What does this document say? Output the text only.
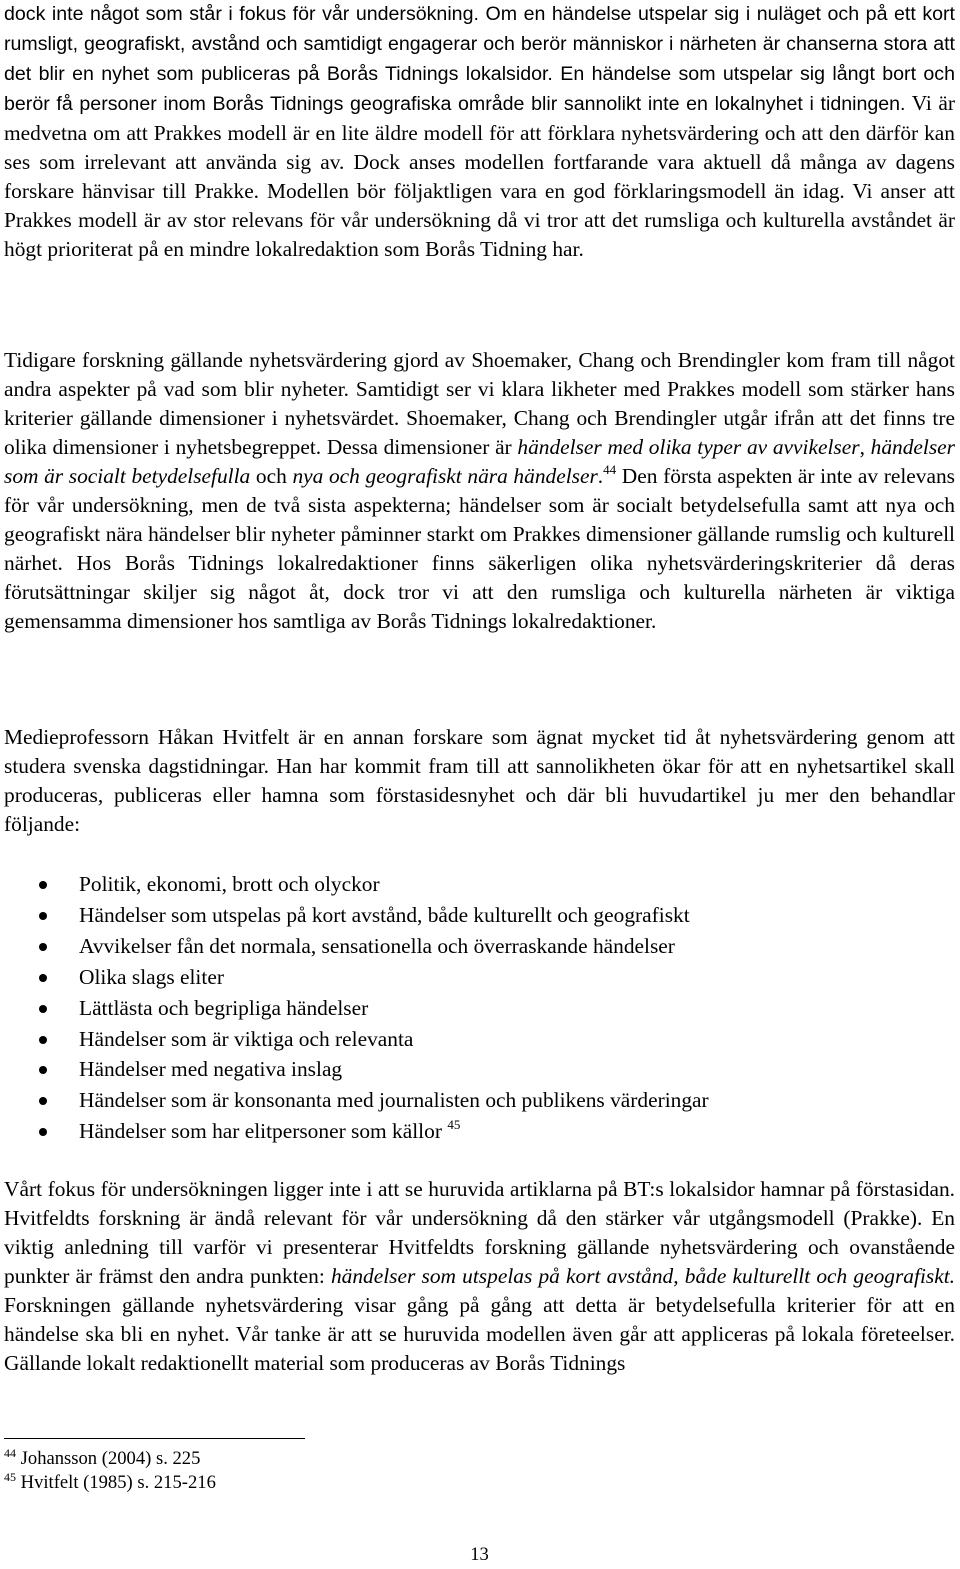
dock inte något som står i fokus för vår undersökning. Om en händelse utspelar sig i nuläget och på ett kort rumsligt, geografiskt, avstånd och samtidigt engagerar och berör människor i närheten är chanserna stora att det blir en nyhet som publiceras på Borås Tidnings lokalsidor. En händelse som utspelar sig långt bort och berör få personer inom Borås Tidnings geografiska område blir sannolikt inte en lokalnyhet i tidningen. Vi är medvetna om att Prakkes modell är en lite äldre modell för att förklara nyhetsvärdering och att den därför kan ses som irrelevant att använda sig av. Dock anses modellen fortfarande vara aktuell då många av dagens forskare hänvisar till Prakke. Modellen bör följaktligen vara en god förklaringsmodell än idag. Vi anser att Prakkes modell är av stor relevans för vår undersökning då vi tror att det rumsliga och kulturella avståndet är högt prioriterat på en mindre lokalredaktion som Borås Tidning har.

Tidigare forskning gällande nyhetsvärdering gjord av Shoemaker, Chang och Brendingler kom fram till något andra aspekter på vad som blir nyheter. Samtidigt ser vi klara likheter med Prakkes modell som stärker hans kriterier gällande dimensioner i nyhetsvärdet. Shoemaker, Chang och Brendingler utgår ifrån att det finns tre olika dimensioner i nyhetsbegreppet. Dessa dimensioner är händelser med olika typer av avvikelser, händelser som är socialt betydelsefulla och nya och geografiskt nära händelser.$^{44}$ Den första aspekten är inte av relevans för vår undersökning, men de två sista aspekterna; händelser som är socialt betydelsefulla samt att nya och geografiskt nära händelser blir nyheter påminner starkt om Prakkes dimensioner gällande rumslig och kulturell närhet. Hos Borås Tidnings lokalredaktioner finns säkerligen olika nyhetsvärderingskriterier då deras förutsättningar skiljer sig något åt, dock tror vi att den rumsliga och kulturella närheten är viktiga gemensamma dimensioner hos samtliga av Borås Tidnings lokalredaktioner.

Medieprofessorn Håkan Hvitfelt är en annan forskare som ägnat mycket tid åt nyhetsvärdering genom att studera svenska dagstidningar. Han har kommit fram till att sannolikheten ökar för att en nyhetsartikel skall produceras, publiceras eller hamna som förstasidesnyhet och där bli huvudartikel ju mer den behandlar följande:

Politik, ekonomi, brott och olyckor
Händelser som utspelas på kort avstånd, både kulturellt och geografiskt
Avvikelser fån det normala, sensationella och överraskande händelser
Olika slags eliter
Lättlästa och begripliga händelser
Händelser som är viktiga och relevanta
Händelser med negativa inslag
Händelser som är konsonanta med journalisten och publikens värderingar
Händelser som har elitpersoner som källor $^{45}$

Vårt fokus för undersökningen ligger inte i att se huruvida artiklarna på BT:s lokalsidor hamnar på förstasidan. Hvitfeldts forskning är ändå relevant för vår undersökning då den stärker vår utgångsmodell (Prakke). En viktig anledning till varför vi presenterar Hvitfeldts forskning gällande nyhetsvärdering och ovanstående punkter är främst den andra punkten: händelser som utspelas på kort avstånd, både kulturellt och geografiskt. Forskningen gällande nyhetsvärdering visar gång på gång att detta är betydelsefulla kriterier för att en händelse ska bli en nyhet. Vår tanke är att se huruvida modellen även går att appliceras på lokala företeelser. Gällande lokalt redaktionellt material som produceras av Borås Tidnings

$^{44}$ Johansson (2004) s. 225
$^{45}$ Hvitfelt (1985) s. 215-216
13
